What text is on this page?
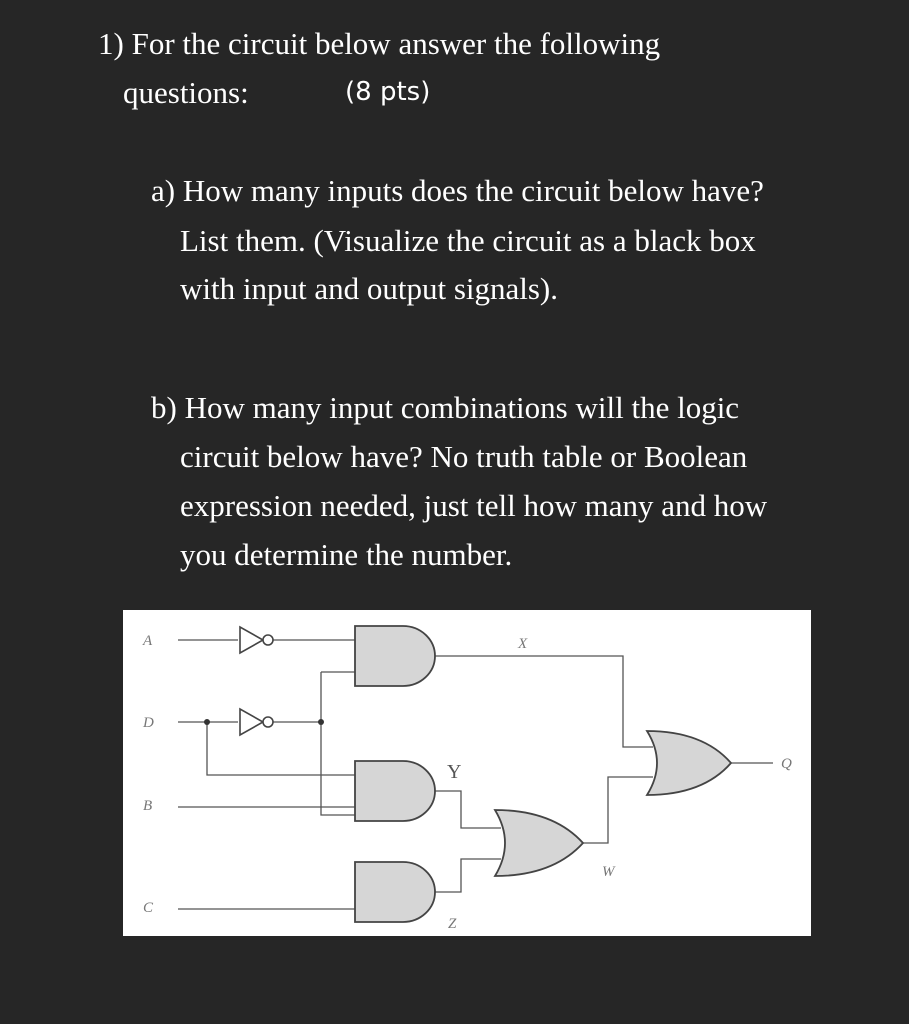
1) For the circuit below answer the following
questions:	(8 pts)
a) How many inputs does the circuit below have?
List them. (Visualize the circuit as a black box
with input and output signals).
b) How many input combinations will the logic
circuit below have? No truth table or Boolean
expression needed, just tell how many and how
you determine the number.
A
D
B
C
X
Y
Z
W
Q
